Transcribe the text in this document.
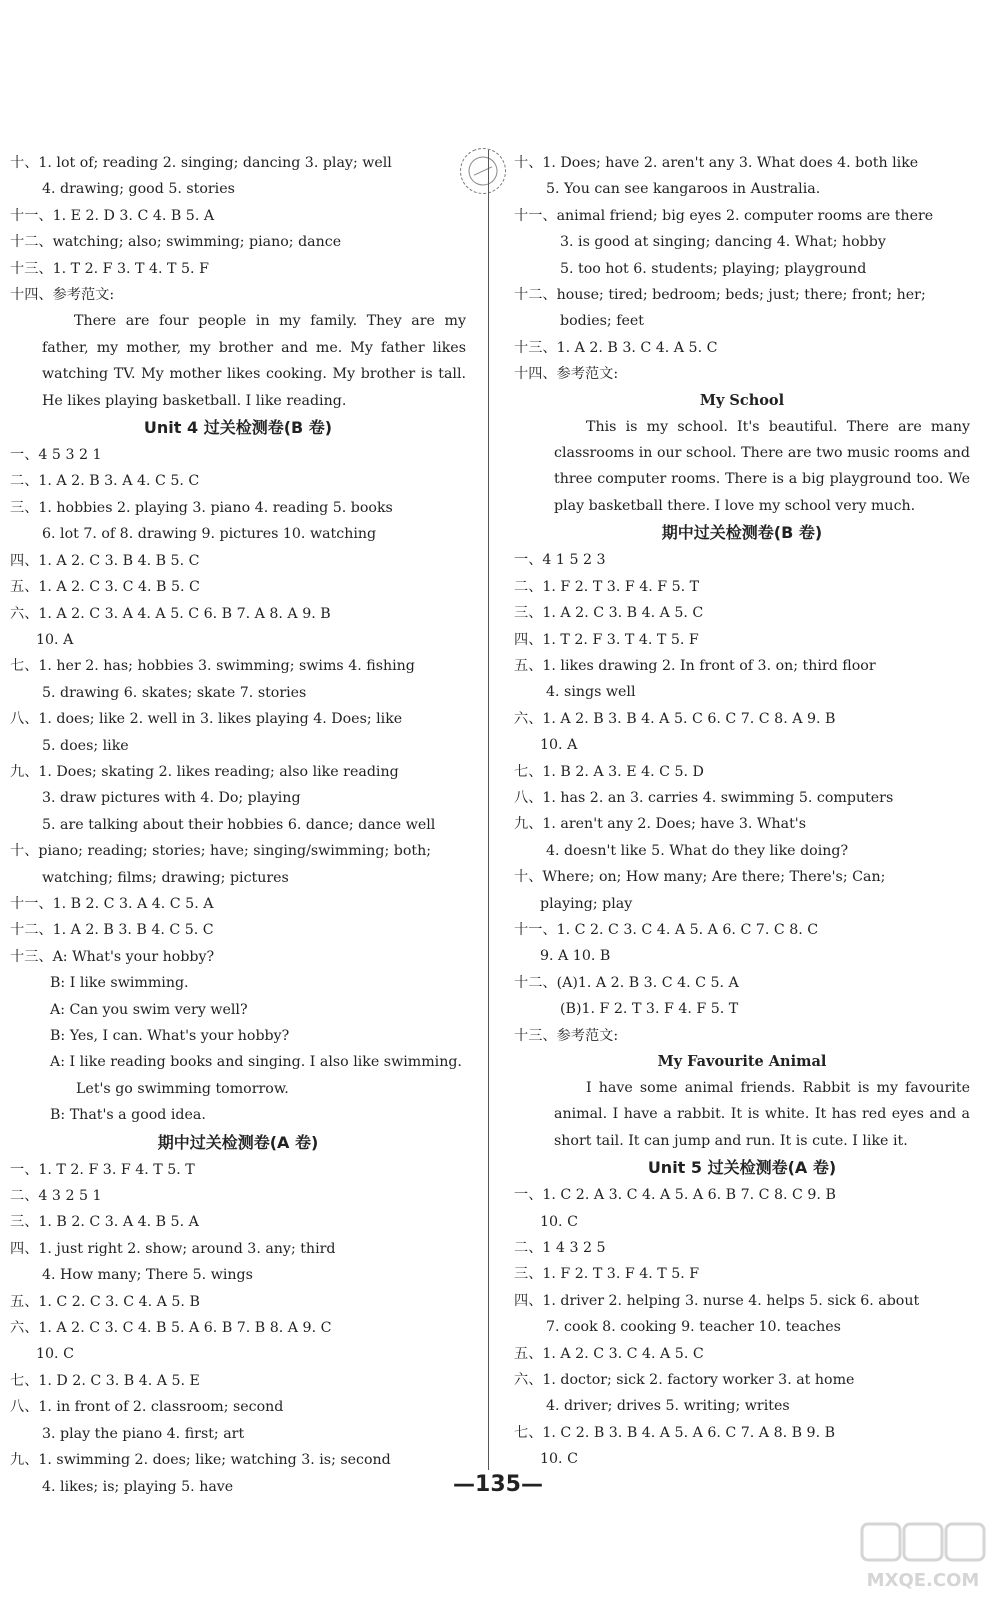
十、1. lot of; reading 2. singing; dancing 3. play; well
4. drawing; good 5. stories
十一、1. E 2. D 3. C 4. B 5. A
十二、watching; also; swimming; piano; dance
十三、1. T 2. F 3. T 4. T 5. F
十四、参考范文:
There are four people in my family. They are my father, my mother, my brother and me. My father likes watching TV. My mother likes cooking. My brother is tall. He likes playing basketball. I like reading.
Unit 4 过关检测卷(B 卷)
一、4 5 3 2 1
二、1. A 2. B 3. A 4. C 5. C
三、1. hobbies 2. playing 3. piano 4. reading 5. books
6. lot 7. of 8. drawing 9. pictures 10. watching
四、1. A 2. C 3. B 4. B 5. C
五、1. A 2. C 3. C 4. B 5. C
六、1. A 2. C 3. A 4. A 5. C 6. B 7. A 8. A 9. B
10. A
七、1. her 2. has; hobbies 3. swimming; swims 4. fishing
5. drawing 6. skates; skate 7. stories
八、1. does; like 2. well in 3. likes playing 4. Does; like
5. does; like
九、1. Does; skating 2. likes reading; also like reading
3. draw pictures with 4. Do; playing
5. are talking about their hobbies 6. dance; dance well
十、piano; reading; stories; have; singing/swimming; both;
watching; films; drawing; pictures
十一、1. B 2. C 3. A 4. C 5. A
十二、1. A 2. B 3. B 4. C 5. C
十三、A: What's your hobby?
B: I like swimming.
A: Can you swim very well?
B: Yes, I can. What's your hobby?
A: I like reading books and singing. I also like swimming.
Let's go swimming tomorrow.
B: That's a good idea.
期中过关检测卷(A 卷)
一、1. T 2. F 3. F 4. T 5. T
二、4 3 2 5 1
三、1. B 2. C 3. A 4. B 5. A
四、1. just right 2. show; around 3. any; third
4. How many; There 5. wings
五、1. C 2. C 3. C 4. A 5. B
六、1. A 2. C 3. C 4. B 5. A 6. B 7. B 8. A 9. C
10. C
七、1. D 2. C 3. B 4. A 5. E
八、1. in front of 2. classroom; second
3. play the piano 4. first; art
九、1. swimming 2. does; like; watching 3. is; second
4. likes; is; playing 5. have
十、1. Does; have 2. aren't any 3. What does 4. both like
5. You can see kangaroos in Australia.
十一、animal friend; big eyes 2. computer rooms are there
3. is good at singing; dancing 4. What; hobby
5. too hot 6. students; playing; playground
十二、house; tired; bedroom; beds; just; there; front; her;
bodies; feet
十三、1. A 2. B 3. C 4. A 5. C
十四、参考范文:
My School
This is my school. It's beautiful. There are many classrooms in our school. There are two music rooms and three computer rooms. There is a big playground too. We play basketball there. I love my school very much.
期中过关检测卷(B 卷)
一、4 1 5 2 3
二、1. F 2. T 3. F 4. F 5. T
三、1. A 2. C 3. B 4. A 5. C
四、1. T 2. F 3. T 4. T 5. F
五、1. likes drawing 2. In front of 3. on; third floor
4. sings well
六、1. A 2. B 3. B 4. A 5. C 6. C 7. C 8. A 9. B
10. A
七、1. B 2. A 3. E 4. C 5. D
八、1. has 2. an 3. carries 4. swimming 5. computers
九、1. aren't any 2. Does; have 3. What's
4. doesn't like 5. What do they like doing?
十、Where; on; How many; Are there; There's; Can;
playing; play
十一、1. C 2. C 3. C 4. A 5. A 6. C 7. C 8. C
9. A 10. B
十二、(A)1. A 2. B 3. C 4. C 5. A
(B)1. F 2. T 3. F 4. F 5. T
十三、参考范文:
My Favourite Animal
I have some animal friends. Rabbit is my favourite animal. I have a rabbit. It is white. It has red eyes and a short tail. It can jump and run. It is cute. I like it.
Unit 5 过关检测卷(A 卷)
一、1. C 2. A 3. C 4. A 5. A 6. B 7. C 8. C 9. B
10. C
二、1 4 3 2 5
三、1. F 2. T 3. F 4. T 5. F
四、1. driver 2. helping 3. nurse 4. helps 5. sick 6. about
7. cook 8. cooking 9. teacher 10. teaches
五、1. A 2. C 3. C 4. A 5. C
六、1. doctor; sick 2. factory worker 3. at home
4. driver; drives 5. writing; writes
七、1. C 2. B 3. B 4. A 5. A 6. C 7. A 8. B 9. B
10. C
—135—
MXQE.COM
